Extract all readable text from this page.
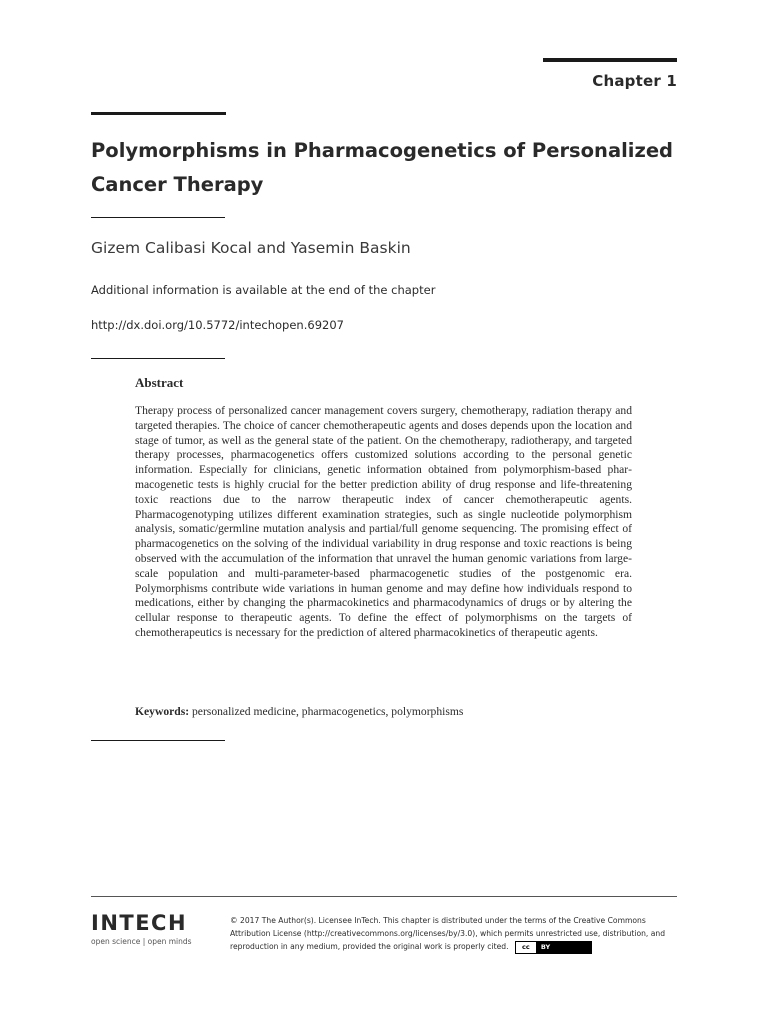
Chapter 1
Polymorphisms in Pharmacogenetics of Personalized Cancer Therapy
Gizem Calibasi Kocal and Yasemin Baskin
Additional information is available at the end of the chapter
http://dx.doi.org/10.5772/intechopen.69207
Abstract

Therapy process of personalized cancer management covers surgery, chemotherapy, radiation therapy and targeted therapies. The choice of cancer chemotherapeutic agents and doses depends upon the location and stage of tumor, as well as the general state of the patient. On the chemotherapy, radiotherapy, and targeted therapy processes, pharmacogenetics offers customized solutions according to the personal genetic information. Especially for clinicians, genetic information obtained from polymorphism-based pharmacogenetic tests is highly crucial for the better prediction ability of drug response and life-threatening toxic reactions due to the narrow therapeutic index of cancer chemotherapeutic agents. Pharmacogenotyping utilizes different examination strategies, such as single nucleotide polymorphism analysis, somatic/germline mutation analysis and partial/full genome sequencing. The promising effect of pharmacogenetics on the solving of the individual variability in drug response and toxic reactions is being observed with the accumulation of the information that unravel the human genomic variations from large-scale population and multi-parameter-based pharmacogenetic studies of the postgenomic era. Polymorphisms contribute wide variations in human genome and may define how individuals respond to medications, either by changing the pharmacokinetics and pharmacodynamics of drugs or by altering the cellular response to therapeutic agents. To define the effect of polymorphisms on the targets of chemotherapeutics is necessary for the prediction of altered pharmacokinetics of therapeutic agents.

Keywords: personalized medicine, pharmacogenetics, polymorphisms
INTECH
open science | open minds
© 2017 The Author(s). Licensee InTech. This chapter is distributed under the terms of the Creative Commons Attribution License (http://creativecommons.org/licenses/by/3.0), which permits unrestricted use, distribution, and reproduction in any medium, provided the original work is properly cited.	cc	BY
